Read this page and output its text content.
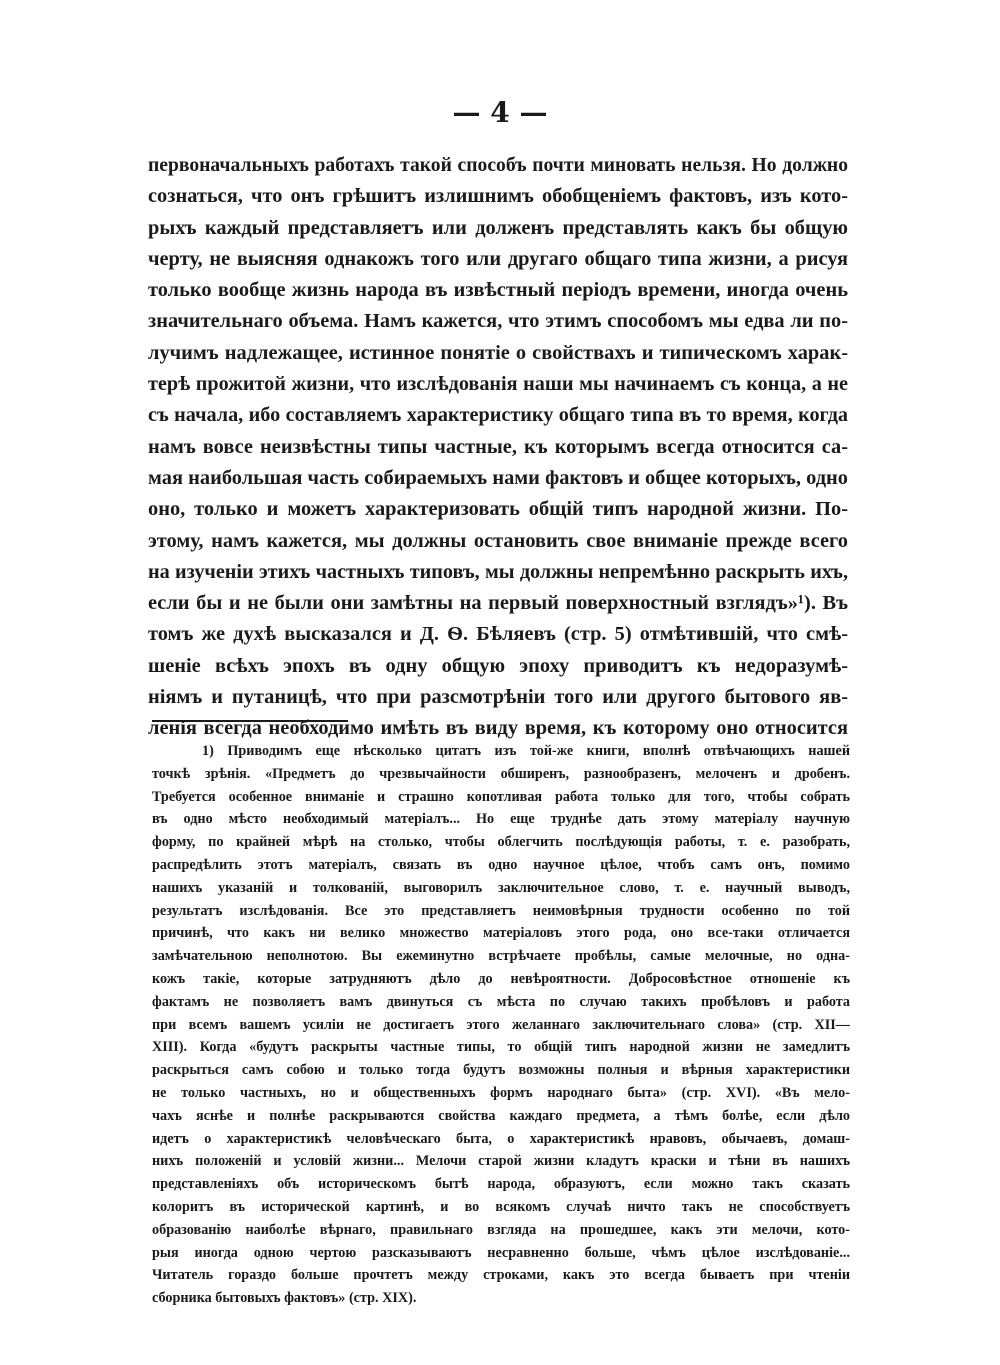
— 4 —
первоначальныхъ работахъ такой способъ почти миновать нельзя. Но должно
сознаться, что онъ грѣшитъ излишнимъ обобщеніемъ фактовъ, изъ кото-
рыхъ каждый представляетъ или долженъ представлять какъ бы общую
черту, не выясняя однакожъ того или другаго общаго типа жизни, а рисуя
только вообще жизнь народа въ извѣстный періодъ времени, иногда очень
значительнаго объема. Намъ кажется, что этимъ способомъ мы едва ли по-
лучимъ надлежащее, истинное понятіе о свойствахъ и типическомъ харак-
терѣ прожитой жизни, что изслѣдованія наши мы начинаемъ съ конца, а не
съ начала, ибо составляемъ характеристику общаго типа въ то время, когда
намъ вовсе неизвѣстны типы частные, къ которымъ всегда относится са-
мая наибольшая часть собираемыхъ нами фактовъ и общее которыхъ, одно
оно, только и можетъ характеризовать общій типъ народной жизни. По-
этому, намъ кажется, мы должны остановить свое вниманіе прежде всего
на изученіи этихъ частныхъ типовъ, мы должны непремѣнно раскрыть ихъ,
если бы и не были они замѣтны на первый поверхностный взглядъ»¹). Въ
томъ же духѣ высказался и Д. Ѳ. Бѣляевъ (стр. 5) отмѣтившій, что смѣ-
шеніе всѣхъ эпохъ въ одну общую эпоху приводитъ къ недоразумѣ-
ніямъ и путаницѣ, что при разсмотрѣніи того или другого бытового яв-
ленія всегда необходимо имѣть въ виду время, къ которому оно относится
1) Приводимъ еще нѣсколько цитатъ изъ той-же книги, вполнѣ отвѣчающихъ нашей
точкѣ зрѣнія. «Предметъ до чрезвычайности обширенъ, разнообразенъ, мелоченъ и дробенъ.
Требуется особенное вниманіе и страшно копотливая работа только для того, чтобы собрать
въ одно мѣсто необходимый матеріалъ... Но еще труднѣе дать этому матеріалу научную
форму, по крайней мѣрѣ на столько, чтобы облегчить послѣдующія работы, т. е. разобрать,
распредѣлить этотъ матеріалъ, связать въ одно научное цѣлое, чтобъ самъ онъ, помимо
нашихъ указаній и толкованій, выговорилъ заключительное слово, т. е. научный выводъ,
результатъ изслѣдованія. Все это представляетъ неимовѣрныя трудности особенно по той
причинѣ, что какъ ни велико множество матеріаловъ этого рода, оно все-таки отличается
замѣчательною неполнотою. Вы ежеминутно встрѣчаете пробѣлы, самые мелочные, но одна-
кожъ такіе, которые затрудняютъ дѣло до невѣроятности. Добросовѣстное отношеніе къ
фактамъ не позволяетъ вамъ двинуться съ мѣста по случаю такихъ пробѣловъ и работа
при всемъ вашемъ усиліи не достигаетъ этого желаннаго заключительнаго слова» (стр. XII—
XIII). Когда «будутъ раскрыты частные типы, то общій типъ народной жизни не замедлитъ
раскрыться самъ собою и только тогда будутъ возможны полныя и вѣрныя характеристики
не только частныхъ, но и общественныхъ формъ народнаго быта» (стр. XVI). «Въ мело-
чахъ яснѣе и полнѣе раскрываются свойства каждаго предмета, а тѣмъ болѣе, если дѣло
идетъ о характеристикѣ человѣческаго быта, о характеристикѣ нравовъ, обычаевъ, домаш-
нихъ положеній и условій жизни... Мелочи старой жизни кладутъ краски и тѣни въ нашихъ
представленіяхъ объ историческомъ бытѣ народа, образуютъ, если можно такъ сказать
колоритъ въ исторической картинѣ, и во всякомъ случаѣ ничто такъ не способствуетъ
образованію наиболѣе вѣрнаго, правильнаго взгляда на прошедшее, какъ эти мелочи, кото-
рыя иногда одною чертою разсказываютъ несравненно больше, чѣмъ цѣлое изслѣдованіе...
Читатель гораздо больше прочтетъ между строками, какъ это всегда бываетъ при чтеніи
сборника бытовыхъ фактовъ» (стр. XIX).
